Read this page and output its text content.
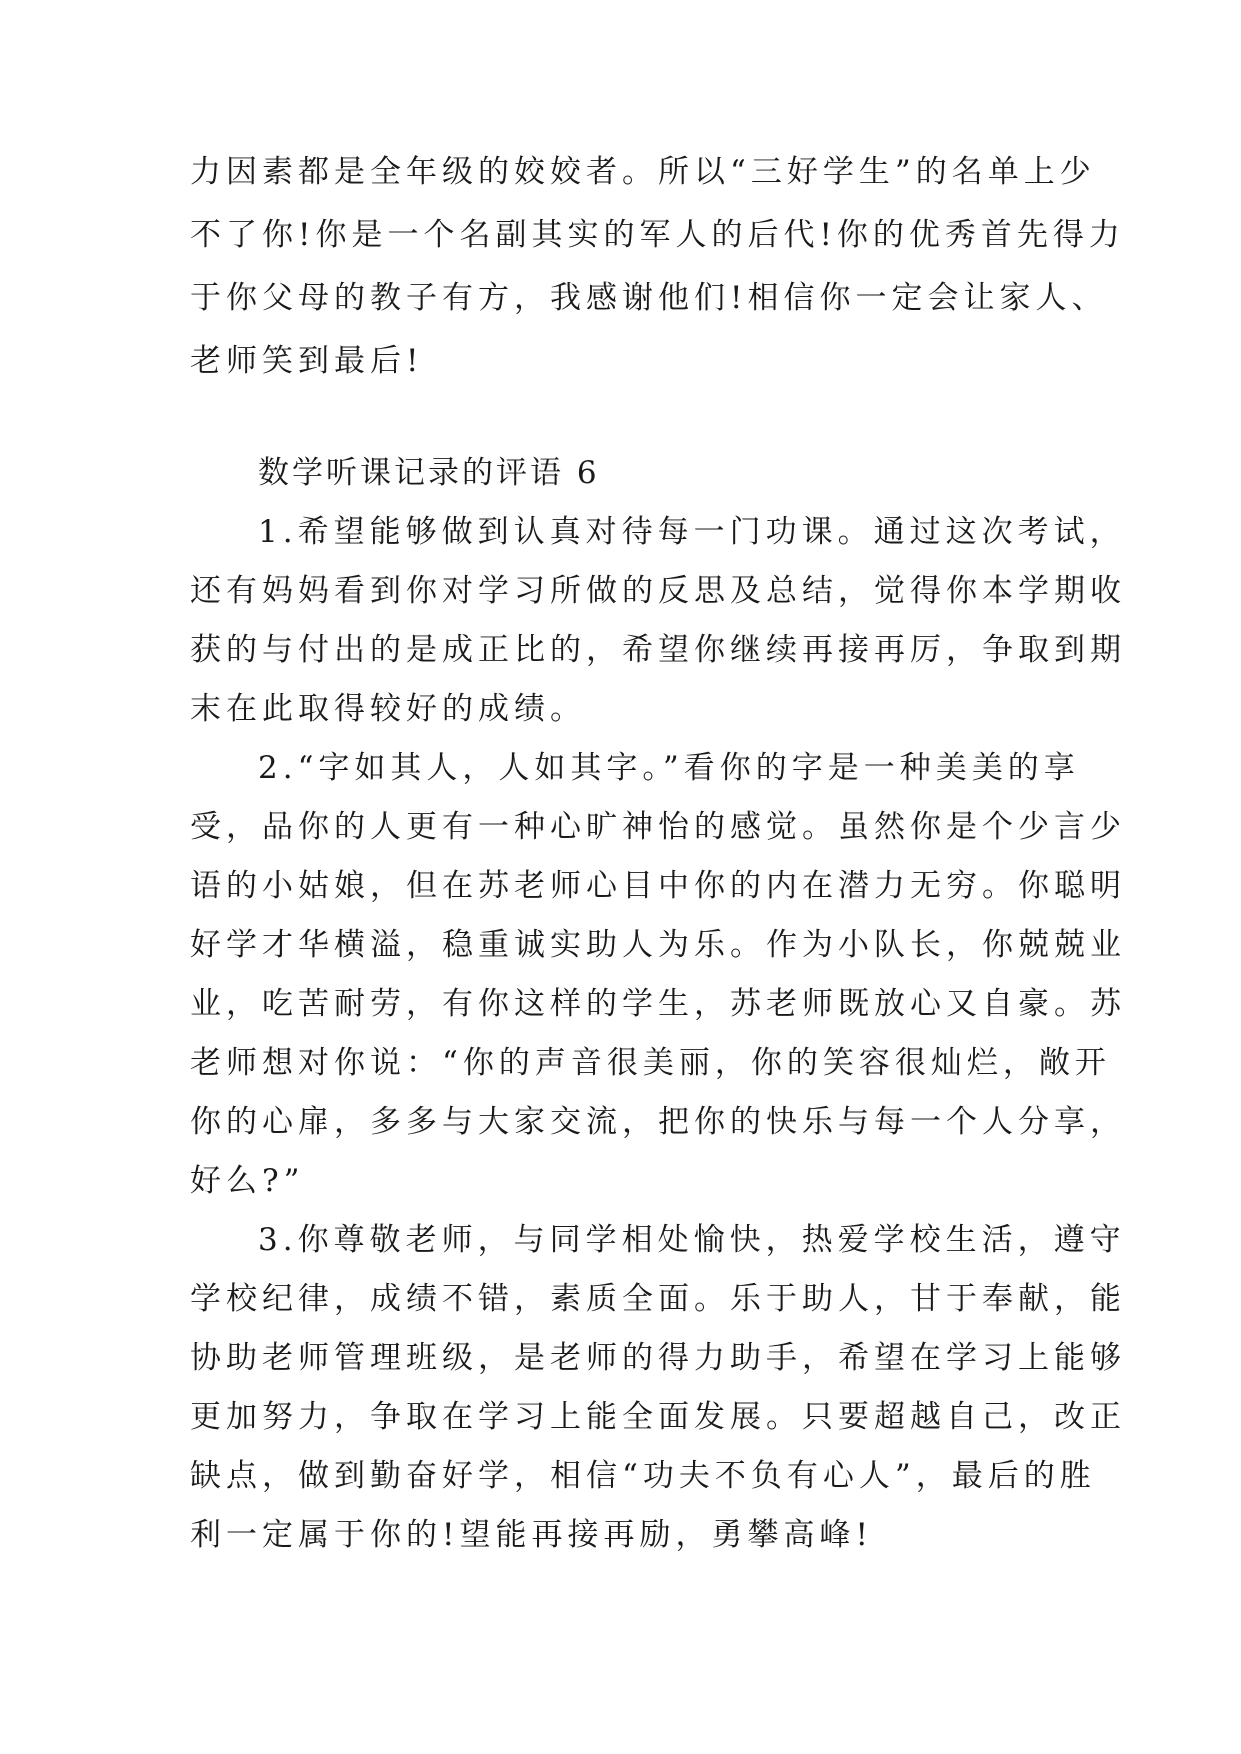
力因素都是全年级的姣姣者。所以“三好学生”的名单上少
不了你!你是一个名副其实的军人的后代!你的优秀首先得力
于你父母的教子有方，我感谢他们!相信你一定会让家人、
老师笑到最后!
数学听课记录的评语 6
1.希望能够做到认真对待每一门功课。通过这次考试，
还有妈妈看到你对学习所做的反思及总结，觉得你本学期收
获的与付出的是成正比的，希望你继续再接再厉，争取到期
末在此取得较好的成绩。
2.“字如其人，人如其字。”看你的字是一种美美的享
受，品你的人更有一种心旷神怡的感觉。虽然你是个少言少
语的小姑娘，但在苏老师心目中你的内在潜力无穷。你聪明
好学才华横溢，稳重诚实助人为乐。作为小队长，你兢兢业
业，吃苦耐劳，有你这样的学生，苏老师既放心又自豪。苏
老师想对你说：“你的声音很美丽，你的笑容很灿烂，敞开
你的心扉，多多与大家交流，把你的快乐与每一个人分享，
好么?”
3.你尊敬老师，与同学相处愉快，热爱学校生活，遵守
学校纪律，成绩不错，素质全面。乐于助人，甘于奉献，能
协助老师管理班级，是老师的得力助手，希望在学习上能够
更加努力，争取在学习上能全面发展。只要超越自己，改正
缺点，做到勤奋好学，相信“功夫不负有心人”，最后的胜
利一定属于你的!望能再接再励，勇攀高峰!
